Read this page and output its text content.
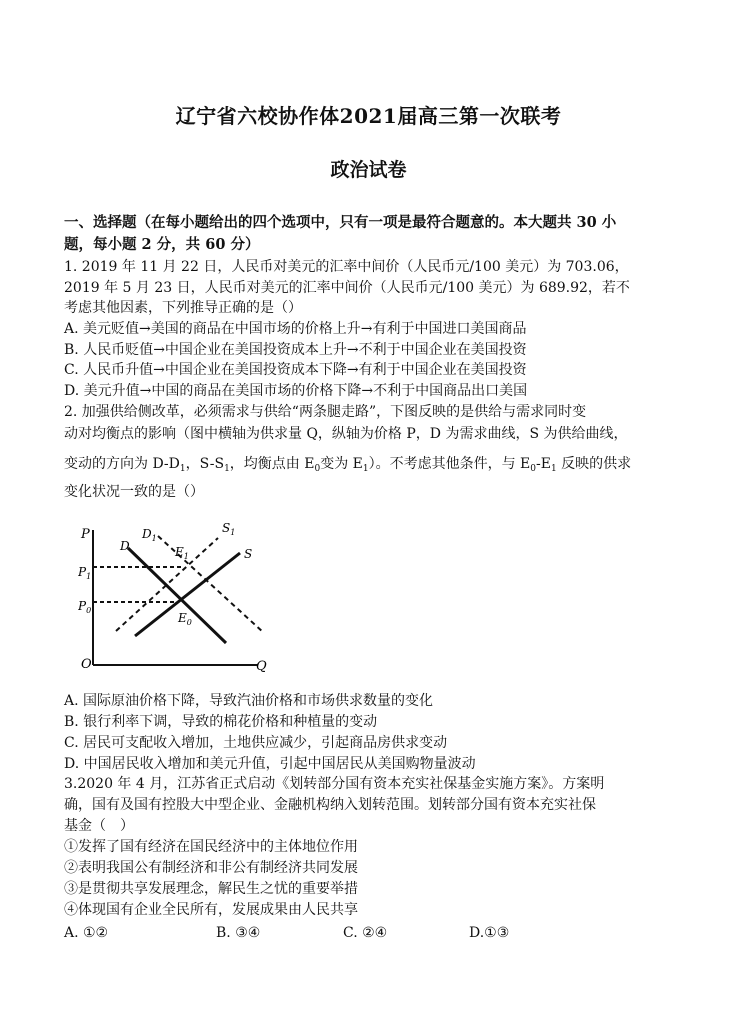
辽宁省六校协作体2021届高三第一次联考
政治试卷
一、选择题（在每小题给出的四个选项中，只有一项是最符合题意的。本大题共 30 小
题，每小题 2 分，共 60 分）
1. 2019 年 11 月 22 日，人民币对美元的汇率中间价（人民币元/100 美元）为 703.06，
2019 年 5 月 23 日，人民币对美元的汇率中间价（人民币元/100 美元）为 689.92，若不
考虑其他因素，下列推导正确的是（）
A. 美元贬值→美国的商品在中国市场的价格上升→有利于中国进口美国商品
B. 人民币贬值→中国企业在美国投资成本上升→不利于中国企业在美国投资
C. 人民币升值→中国企业在美国投资成本下降→有利于中国企业在美国投资
D. 美元升值→中国的商品在美国市场的价格下降→不利于中国商品出口美国
2. 加强供给侧改革，必须需求与供给“两条腿走路”，下图反映的是供给与需求同时变
动对均衡点的影响（图中横轴为供求量 Q，纵轴为价格 P，D 为需求曲线，S 为供给曲线，
变动的方向为 $D-D_1$，$S-S_1$，均衡点由 $E_0$变为 $E_1$）。不考虑其他条件，与 $E_0-E_1$ 反映的供求
变化状况一致的是（）
P
Q
O
D
$D_1$
S
$S_1$
$P_1$
$P_0$
$E_1$
$E_0$
A. 国际原油价格下降，导致汽油价格和市场供求数量的变化
B. 银行利率下调，导致的棉花价格和种植量的变动
C. 居民可支配收入增加，土地供应减少，引起商品房供求变动
D. 中国居民收入增加和美元升值，引起中国居民从美国购物量波动
3.2020 年 4 月，江苏省正式启动《划转部分国有资本充实社保基金实施方案》。方案明
确，国有及国有控股大中型企业、金融机构纳入划转范围。划转部分国有资本充实社保
基金（　）
①发挥了国有经济在国民经济中的主体地位作用
②表明我国公有制经济和非公有制经济共同发展
③是贯彻共享发展理念，解民生之忧的重要举措
④体现国有企业全民所有，发展成果由人民共享
A. ①②	B. ③④	C. ②④	D.①③
